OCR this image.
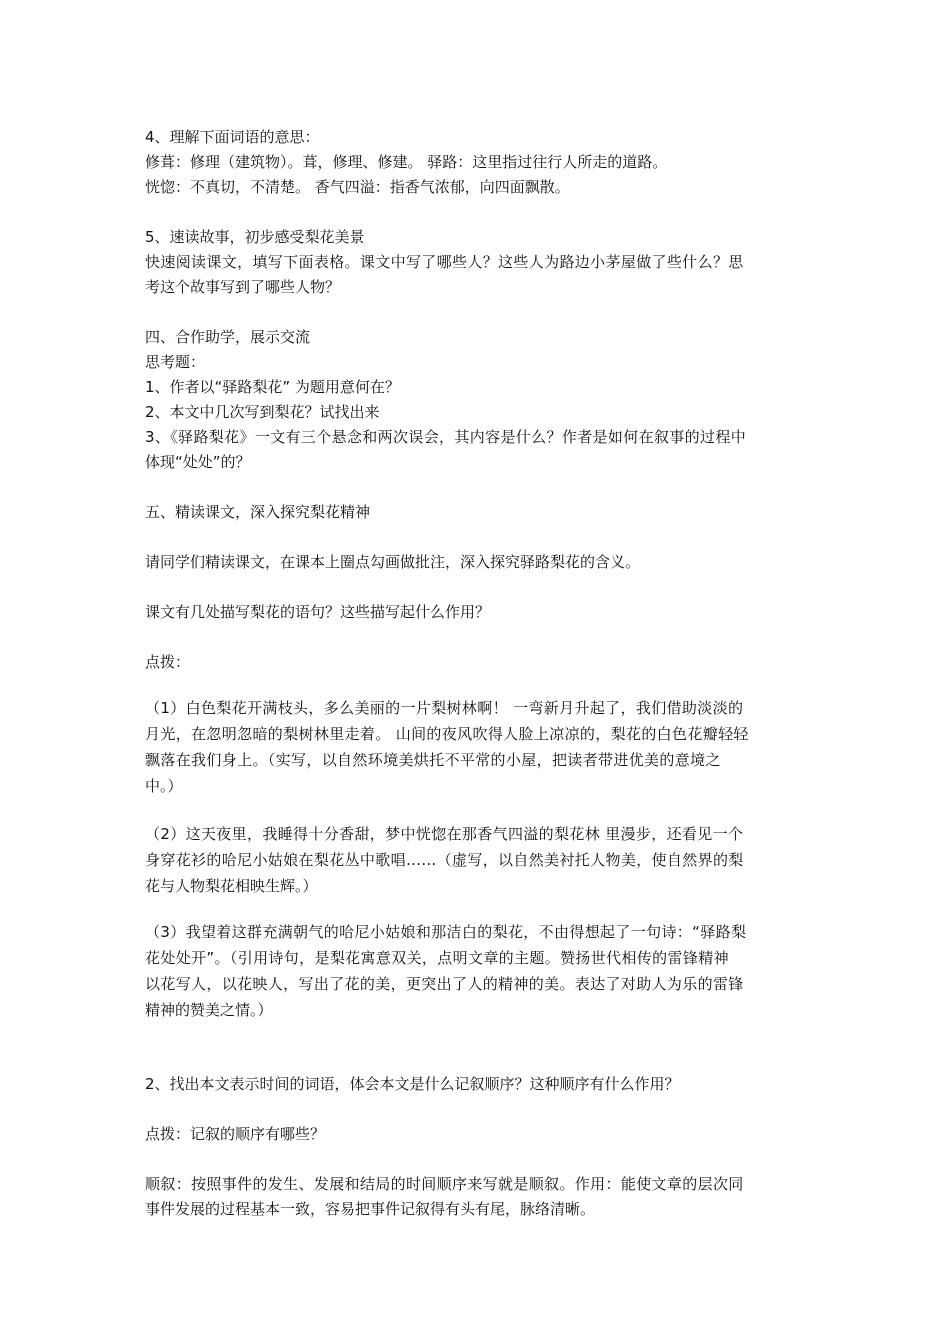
4、理解下面词语的意思：
修葺：修理（建筑物）。葺，修理、修建。 驿路：这里指过往行人所走的道路。
恍惚：不真切，不清楚。 香气四溢：指香气浓郁，向四面飘散。
5、速读故事，初步感受梨花美景
快速阅读课文，填写下面表格。课文中写了哪些人？这些人为路边小茅屋做了些什么？思
考这个故事写到了哪些人物？
四、合作助学，展示交流
思考题：
1、作者以“驿路梨花” 为题用意何在？
2、本文中几次写到梨花？试找出来
3、《驿路梨花》一文有三个悬念和两次误会，其内容是什么？作者是如何在叙事的过程中
体现“处处”的？
五、精读课文，深入探究梨花精神
请同学们精读课文，在课本上圈点勾画做批注，深入探究驿路梨花的含义。
课文有几处描写梨花的语句？这些描写起什么作用？
点拨：
（1）白色梨花开满枝头，多么美丽的一片梨树林啊！ 一弯新月升起了，我们借助淡淡的
月光，在忽明忽暗的梨树林里走着。 山间的夜风吹得人脸上凉凉的，梨花的白色花瓣轻轻
飘落在我们身上。（实写，以自然环境美烘托不平常的小屋，把读者带进优美的意境之
中。）
（2）这天夜里，我睡得十分香甜，梦中恍惚在那香气四溢的梨花林 里漫步，还看见一个
身穿花衫的哈尼小姑娘在梨花丛中歌唱……（虚写，以自然美衬托人物美，使自然界的梨
花与人物梨花相映生辉。）
（3）我望着这群充满朝气的哈尼小姑娘和那洁白的梨花，不由得想起了一句诗：“驿路梨
花处处开”。（引用诗句，是梨花寓意双关，点明文章的主题。赞扬世代相传的雷锋精神
以花写人，以花映人，写出了花的美，更突出了人的精神的美。表达了对助人为乐的雷锋
精神的赞美之情。）
2、找出本文表示时间的词语，体会本文是什么记叙顺序？这种顺序有什么作用？
点拨：记叙的顺序有哪些？
顺叙：按照事件的发生、发展和结局的时间顺序来写就是顺叙。作用：能使文章的层次同
事件发展的过程基本一致，容易把事件记叙得有头有尾，脉络清晰。
